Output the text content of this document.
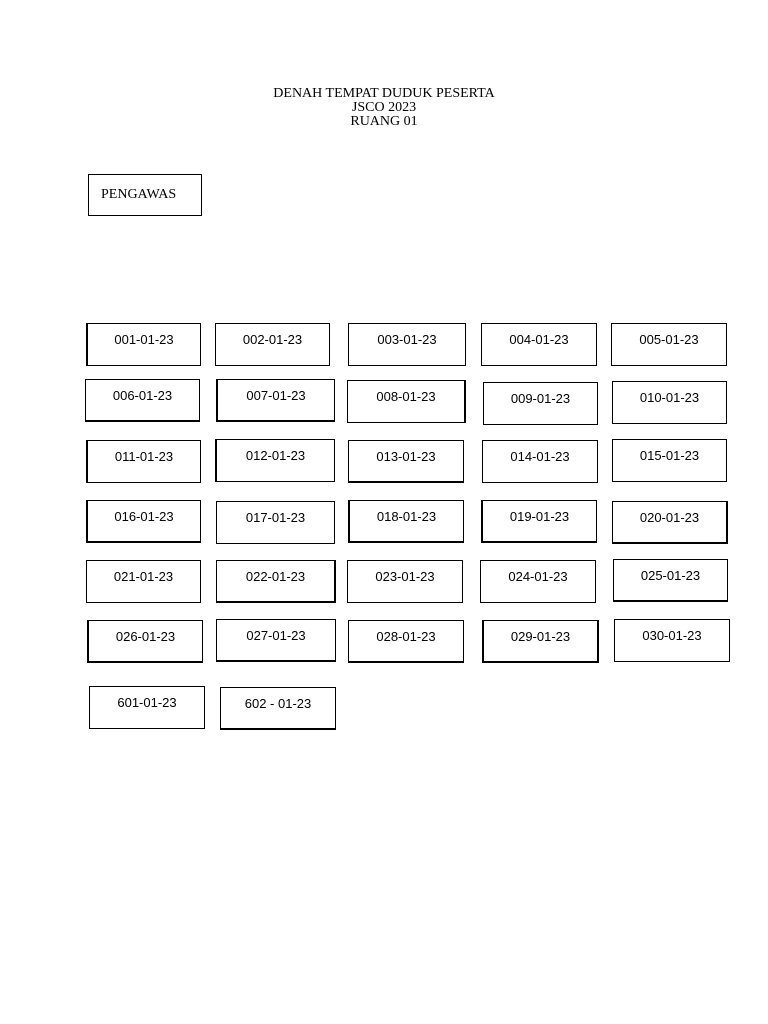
DENAH TEMPAT DUDUK PESERTA
JSCO 2023
RUANG 01
PENGAWAS
001-01-23	002-01-23	003-01-23	004-01-23	005-01-23
006-01-23	007-01-23	008-01-23	009-01-23	010-01-23
011-01-23	012-01-23	013-01-23	014-01-23	015-01-23
016-01-23	017-01-23	018-01-23	019-01-23	020-01-23
021-01-23	022-01-23	023-01-23	024-01-23	025-01-23
026-01-23	027-01-23	028-01-23	029-01-23	030-01-23
601-01-23	602 - 01-23
